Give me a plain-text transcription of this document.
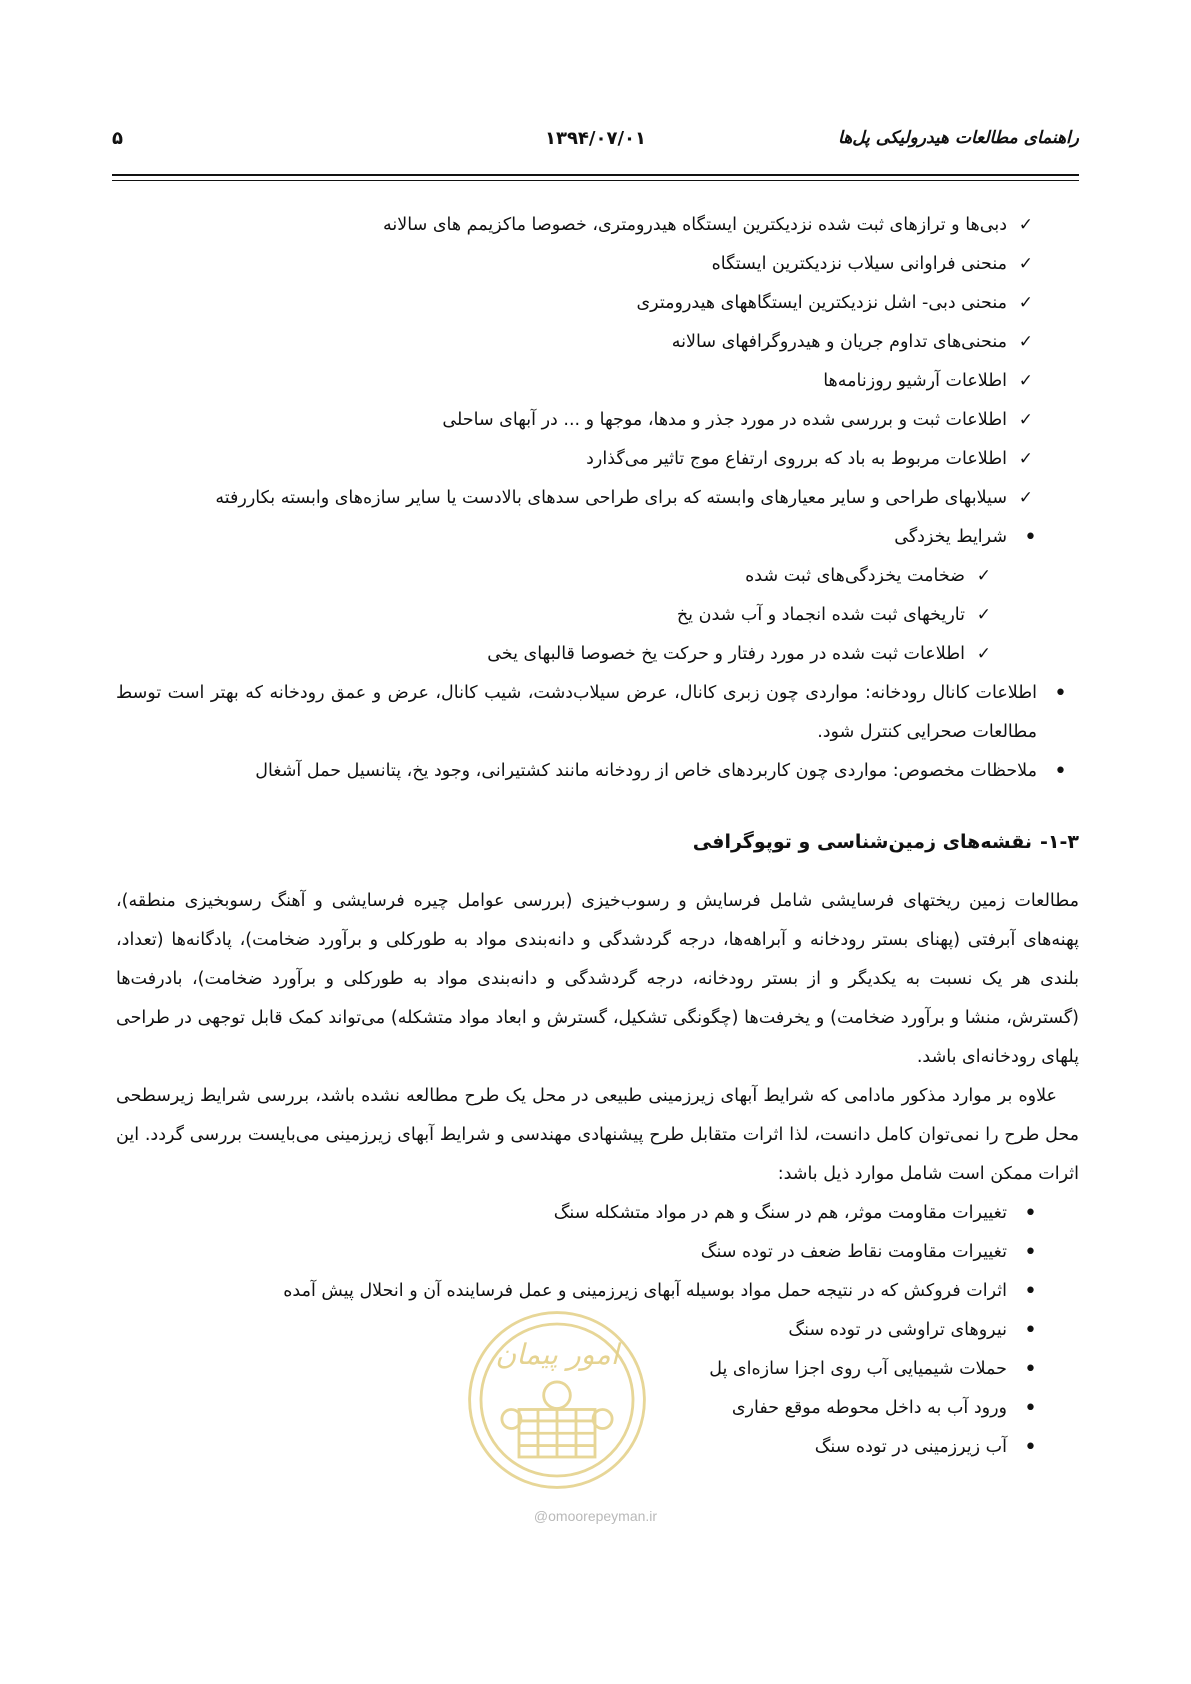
راهنمای مطالعات هیدرولیکی پل‌ها
۱۳۹۴/۰۷/۰۱
۵
✓ دبی‌ها و ترازهای ثبت شده نزدیکترین ایستگاه هیدرومتری، خصوصا ماکزیمم های سالانه
✓ منحنی فراوانی سیلاب نزدیکترین ایستگاه
✓ منحنی دبی- اشل نزدیکترین ایستگاههای هیدرومتری
✓ منحنی‌های تداوم جریان و هیدروگرافهای سالانه
✓ اطلاعات آرشیو روزنامه‌ها
✓ اطلاعات ثبت و بررسی شده در مورد جذر و مدها، موجها و ... در آبهای ساحلی
✓ اطلاعات مربوط به باد که برروی ارتفاع موج تاثیر می‌گذارد
✓ سیلابهای طراحی و سایر معیارهای وابسته که برای طراحی سدهای بالادست یا سایر سازه‌های وابسته بکاررفته
• شرایط یخزدگی
✓ ضخامت یخزدگی‌های ثبت شده
✓ تاریخهای ثبت شده انجماد و آب شدن یخ
✓ اطلاعات ثبت شده در مورد رفتار و حرکت یخ خصوصا قالبهای یخی
• اطلاعات کانال رودخانه: مواردی چون زبری کانال، عرض سیلاب‌دشت، شیب کانال، عرض و عمق رودخانه که بهتر است توسط مطالعات صحرایی کنترل شود.
• ملاحظات مخصوص: مواردی چون کاربردهای خاص از رودخانه مانند کشتیرانی، وجود یخ، پتانسیل حمل آشغال
۱-۳-نقشه‌های زمین‌شناسی و توپوگرافی

مطالعات زمین ریختهای فرسایشی شامل فرسایش و رسوب‌خیزی (بررسی عوامل چیره فرسایشی و آهنگ رسوبخیزی منطقه)، پهنه‌های آبرفتی (پهنای بستر رودخانه و آبراهه‌ها، درجه گردشدگی و دانه‌بندی مواد به طورکلی و برآورد ضخامت)، پادگانه‌ها (تعداد، بلندی هر یک نسبت به یکدیگر و از بستر رودخانه، درجه گردشدگی و دانه‌بندی مواد به طورکلی و برآورد ضخامت)، بادرفت‌ها (گسترش، منشا و برآورد ضخامت) و یخرفت‌ها (چگونگی تشکیل، گسترش و ابعاد مواد متشکله) می‌تواند کمک قابل توجهی در طراحی پلهای رودخانه‌ای باشد.

علاوه بر موارد مذکور مادامی که شرایط آبهای زیرزمینی طبیعی در محل یک طرح مطالعه نشده باشد، بررسی شرایط زیرسطحی محل طرح را نمی‌توان کامل دانست، لذا اثرات متقابل طرح پیشنهادی مهندسی و شرایط آبهای زیرزمینی می‌بایست بررسی گردد. این اثرات ممکن است شامل موارد ذیل باشد:

• تغییرات مقاومت موثر، هم در سنگ و هم در مواد متشکله سنگ
• تغییرات مقاومت نقاط ضعف در توده سنگ
• اثرات فروکش که در نتیجه حمل مواد بوسیله آبهای زیرزمینی و عمل فرساینده آن و انحلال پیش آمده
• نیروهای تراوشی در توده سنگ
• حملات شیمیایی آب روی اجزا سازه‌ای پل
• ورود آب به داخل محوطه موقع حفاری
• آب زیرزمینی در توده سنگ
امور پیمان
@omoorepeyman.ir
